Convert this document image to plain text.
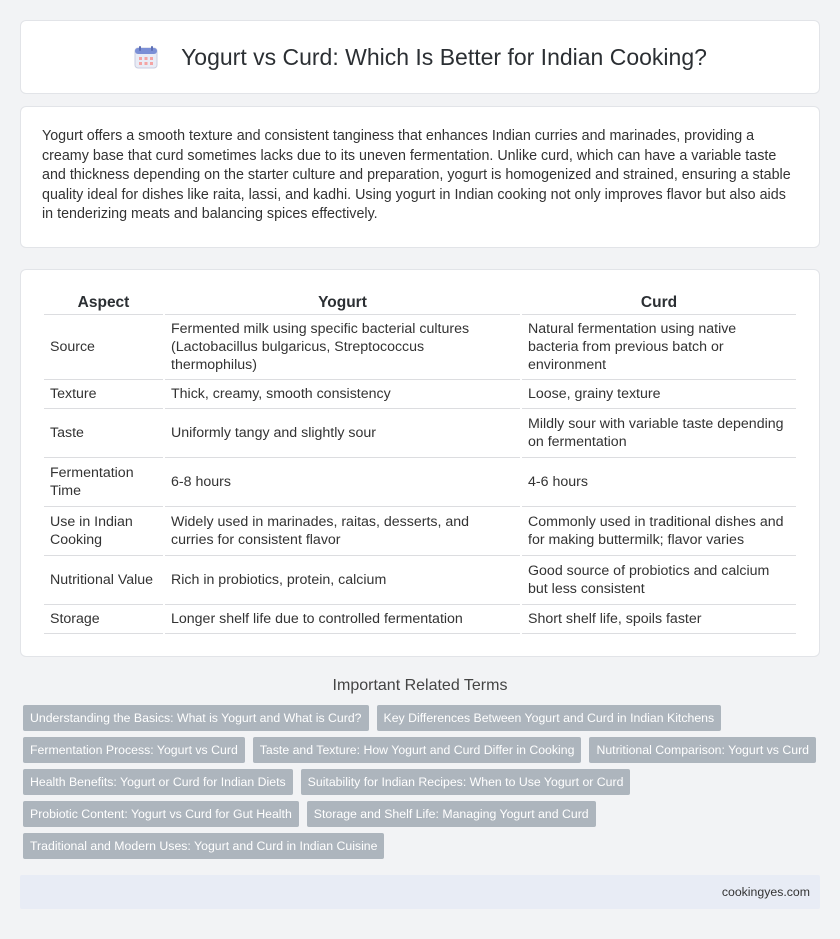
Yogurt vs Curd: Which Is Better for Indian Cooking?

Yogurt offers a smooth texture and consistent tanginess that enhances Indian curries and marinades, providing a creamy base that curd sometimes lacks due to its uneven fermentation. Unlike curd, which can have a variable taste and thickness depending on the starter culture and preparation, yogurt is homogenized and strained, ensuring a stable quality ideal for dishes like raita, lassi, and kadhi. Using yogurt in Indian cooking not only improves flavor but also aids in tenderizing meats and balancing spices effectively.

Aspect	Yogurt	Curd
Source	Fermented milk using specific bacterial cultures (Lactobacillus bulgaricus, Streptococcus thermophilus)	Natural fermentation using native bacteria from previous batch or environment
Texture	Thick, creamy, smooth consistency	Loose, grainy texture
Taste	Uniformly tangy and slightly sour	Mildly sour with variable taste depending on fermentation
Fermentation Time	6-8 hours	4-6 hours
Use in Indian Cooking	Widely used in marinades, raitas, desserts, and curries for consistent flavor	Commonly used in traditional dishes and for making buttermilk; flavor varies
Nutritional Value	Rich in probiotics, protein, calcium	Good source of probiotics and calcium but less consistent
Storage	Longer shelf life due to controlled fermentation	Short shelf life, spoils faster
Important Related Terms
Understanding the Basics: What is Yogurt and What is Curd?	Key Differences Between Yogurt and Curd in Indian Kitchens
Fermentation Process: Yogurt vs Curd	Taste and Texture: How Yogurt and Curd Differ in Cooking	Nutritional Comparison: Yogurt vs Curd
Health Benefits: Yogurt or Curd for Indian Diets	Suitability for Indian Recipes: When to Use Yogurt or Curd
Probiotic Content: Yogurt vs Curd for Gut Health	Storage and Shelf Life: Managing Yogurt and Curd
Traditional and Modern Uses: Yogurt and Curd in Indian Cuisine
cookingyes.com
